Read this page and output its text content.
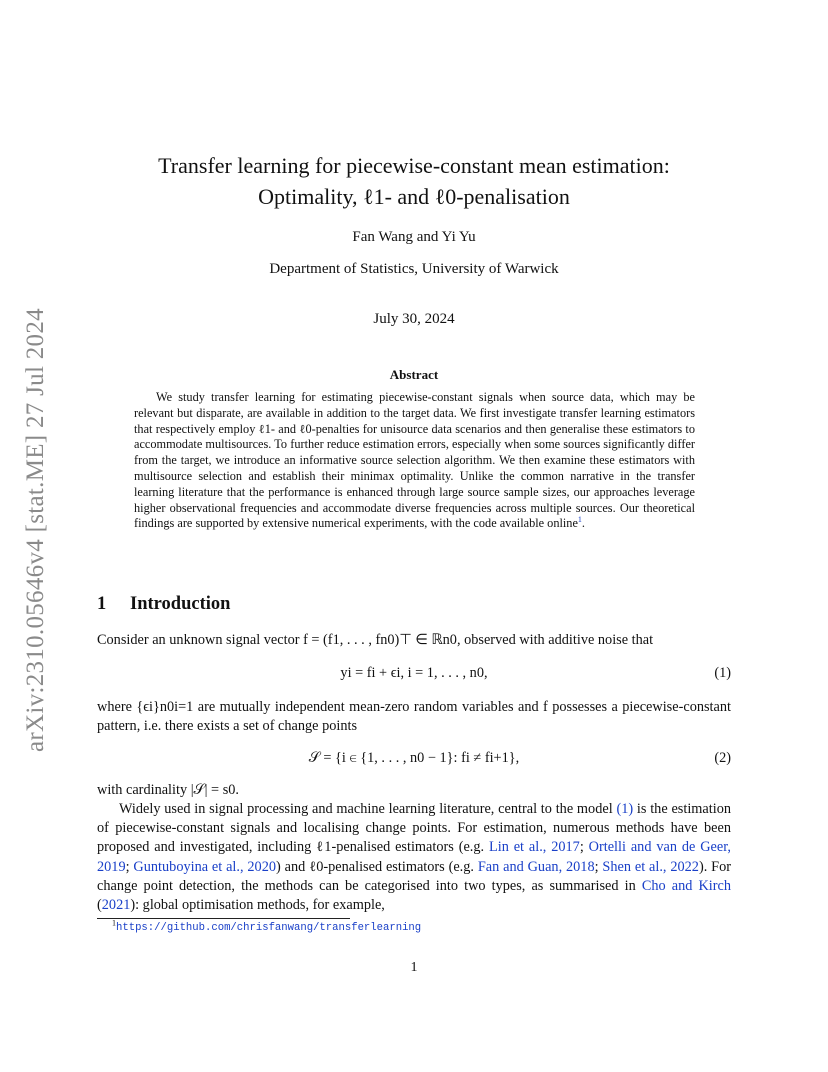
arXiv:2310.05646v4 [stat.ME] 27 Jul 2024
Transfer learning for piecewise-constant mean estimation:
Optimality, ℓ1- and ℓ0-penalisation
Fan Wang and Yi Yu
Department of Statistics, University of Warwick
July 30, 2024
Abstract

We study transfer learning for estimating piecewise-constant signals when source data, which may be relevant but disparate, are available in addition to the target data. We first investigate transfer learning estimators that respectively employ ℓ1- and ℓ0-penalties for unisource data scenarios and then generalise these estimators to accommodate multisources. To further reduce estimation errors, especially when some sources significantly differ from the target, we introduce an informative source selection algorithm. We then examine these estimators with multisource selection and establish their minimax optimality. Unlike the common narrative in the transfer learning literature that the performance is enhanced through large source sample sizes, our approaches leverage higher observational frequencies and accommodate diverse frequencies across multiple sources. Our theoretical findings are supported by extensive numerical experiments, with the code available online$^1$.

1 Introduction

Consider an unknown signal vector f = (f1, . . . , fn0)⊤ ∈ ℝn0, observed with additive noise that

yi = fi + ϵi, i = 1, . . . , n0,	(1)

where {ϵi}n0i=1 are mutually independent mean-zero random variables and f possesses a piecewise-constant pattern, i.e. there exists a set of change points

𝒮 = {i ∈ {1, . . . , n0 − 1}: fi ≠ fi+1},	(2)

with cardinality |𝒮| = s0.

Widely used in signal processing and machine learning literature, central to the model (1) is the estimation of piecewise-constant signals and localising change points. For estimation, numerous methods have been proposed and investigated, including ℓ1-penalised estimators (e.g. Lin et al., 2017; Ortelli and van de Geer, 2019; Guntuboyina et al., 2020) and ℓ0-penalised estimators (e.g. Fan and Guan, 2018; Shen et al., 2022). For change point detection, the methods can be categorised into two types, as summarised in Cho and Kirch (2021): global optimisation methods, for example,

$^1$https://github.com/chrisfanwang/transferlearning
1
